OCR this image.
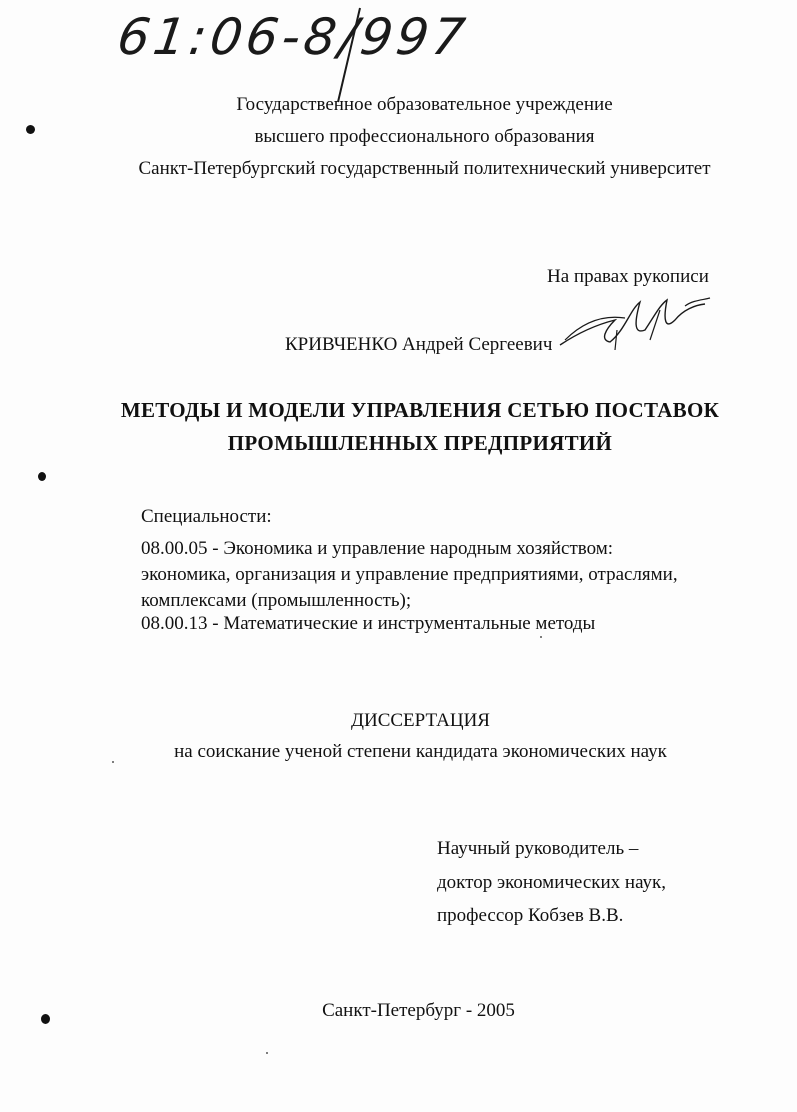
61:06-8/997
Государственное образовательное учреждение
высшего профессионального образования
Санкт-Петербургский государственный политехнический университет
На правах рукописи
КРИВЧЕНКО Андрей Сергеевич
МЕТОДЫ И МОДЕЛИ УПРАВЛЕНИЯ СЕТЬЮ ПОСТАВОК
ПРОМЫШЛЕННЫХ ПРЕДПРИЯТИЙ
Специальности:
08.00.05 - Экономика и управление народным хозяйством:
экономика, организация и управление предприятиями, отраслями,
комплексами (промышленность);
08.00.13 - Математические и инструментальные методы
ДИССЕРТАЦИЯ
на соискание ученой степени кандидата экономических наук
Научный руководитель –
доктор экономических наук,
профессор Кобзев В.В.
Санкт-Петербург - 2005
